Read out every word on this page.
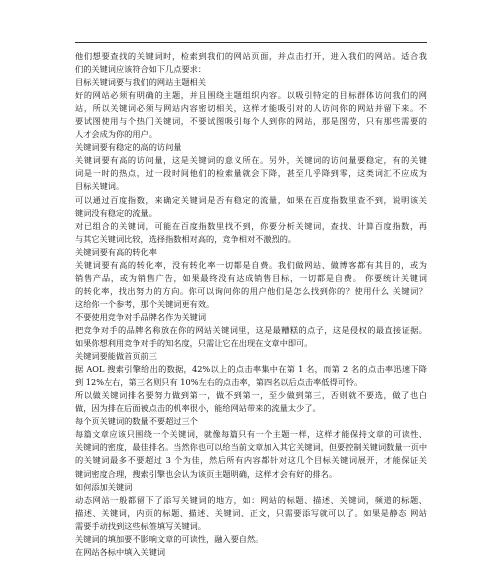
他们想要查找的关键词时，检索到我们的网站页面，并点击打开，进入我们的网站。适合我
们的关键词应该符合如下几点要求：
目标关键词要与我们的网站主题相关
好的网站必须有明确的主题，并且围绕主题组织内容。以吸引特定的目标群体访问我们的网
站，所以关键词必须与网站内容密切相关，这样才能吸引对的人访问你的网站并留下来。不
要试图使用与个热门关键词，不要试图吸引每个人到你的网站，那是图劳，只有那些需要的
人才会成为你的用户。
关键词要有稳定的高的访问量
关键词要有高的访问量，这是关键词的意义所在。另外，关键词的访问量要稳定，有的关键
词是一时的热点，过一段时间他们的检索量就会下降，甚至几乎降到零，这类词汇不应成为
目标关键词。
可以通过百度指数，来确定关键词是否有稳定的流量，如果在百度指数里查不到，说明该关
键词没有稳定的流量。
对已组合的关键词，可能在百度指数里找不到，你要分析关键词，查找、计算百度指数，再
与其它关键词比较，选择指数相对高的，竞争相对不激烈的。
关键词要有高的转化率
关键词要有高的转化率，没有转化率一切都是自费。我们做网站、做博客都有其目的，或为
销售产品，或为销售广告，如果最终没有达成销售目标，一切都是自费。 你要统计关键词
的转化率，找出努力的方向。你可以询问你的用户他们是怎么找到你的？使用什么 关键词？
这给你一个参考，那个关键词更有效。
不要使用竞争对手品牌名作为关键词
把竞争对手的品牌名称放在你的网站关键词里，这是最糟糕的点子，这是侵权的最直接证据。
如果你想利用竞争对手的知名度，只需让它在出现在文章中即可。
关键词要能做首页前三
据 AOL 搜索引擎给出的数据，42%以上的点击率集中在第 1 名，而第 2 名的点击率迅速下降
到 12%左右，第三名则只有 10%左右的点击率，第四名以后点击率低得可怜。
所以做关键词排名要努力做到第一，做不到第一，至少做到第三，否则就不要选，做了也白
做，因为排在后面被点击的机率很小，能给网站带来的流量太少了。
每个页关键词的数量不要超过三个
每篇文章应该只围绕一个关键词，就像每篇只有一个主题一样，这样才能保持文章的可读性、
关键词的密度，最佳排名。当然你也可以给当前文章加入其它关键词，但要控制关键词数量一页中
的关键词最多不要超过 3 个为佳，然后所有内容都针对这几个目标关键词展开，才能保证关
键词密度合理，搜索引擎也会认为该页主题明确，这样才会有好的排名。
如何添加关键词
动态网站一般都留下了添写关键词的地方，如：网站的标题、描述、关键词，频道的标题、
描述、关键词，内页的标题、描述、关键词、正文，只需要添写就可以了。如果是静态 网站
需要手动找到这些标签填写关键词。
关键词的填加要不影响文章的可读性，融入要自然。
在网站各标中填入关键词
